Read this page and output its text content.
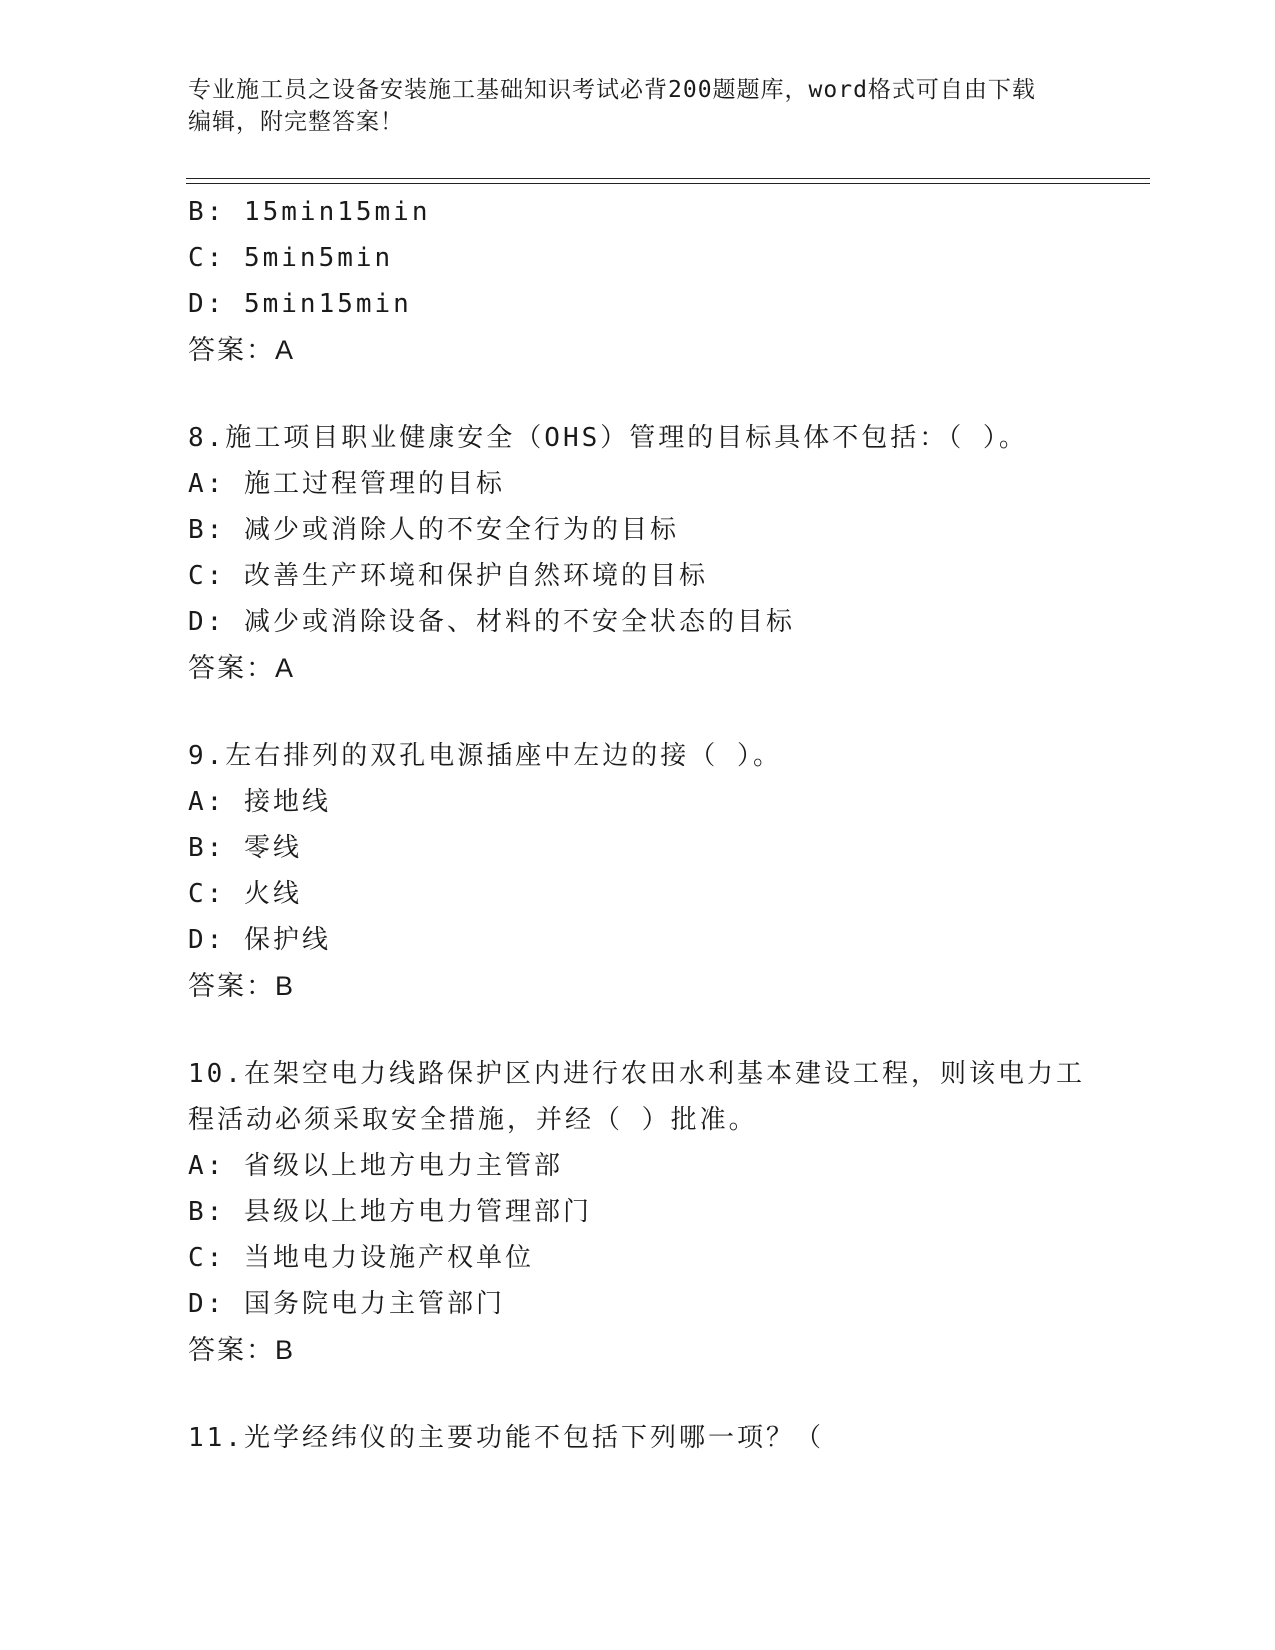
专业施工员之设备安装施工基础知识考试必背200题题库，word格式可自由下载
编辑，附完整答案！
B: 15min15min
C: 5min5min
D: 5min15min
答案：A
8.施工项目职业健康安全（OHS）管理的目标具体不包括：（ ）。
A: 施工过程管理的目标
B: 减少或消除人的不安全行为的目标
C: 改善生产环境和保护自然环境的目标
D: 减少或消除设备、材料的不安全状态的目标
答案：A
9.左右排列的双孔电源插座中左边的接（ ）。
A: 接地线
B: 零线
C: 火线
D: 保护线
答案：B
10.在架空电力线路保护区内进行农田水利基本建设工程，则该电力工
程活动必须采取安全措施，并经（ ）批准。
A: 省级以上地方电力主管部
B: 县级以上地方电力管理部门
C: 当地电力设施产权单位
D: 国务院电力主管部门
答案：B
11.光学经纬仪的主要功能不包括下列哪一项？（
